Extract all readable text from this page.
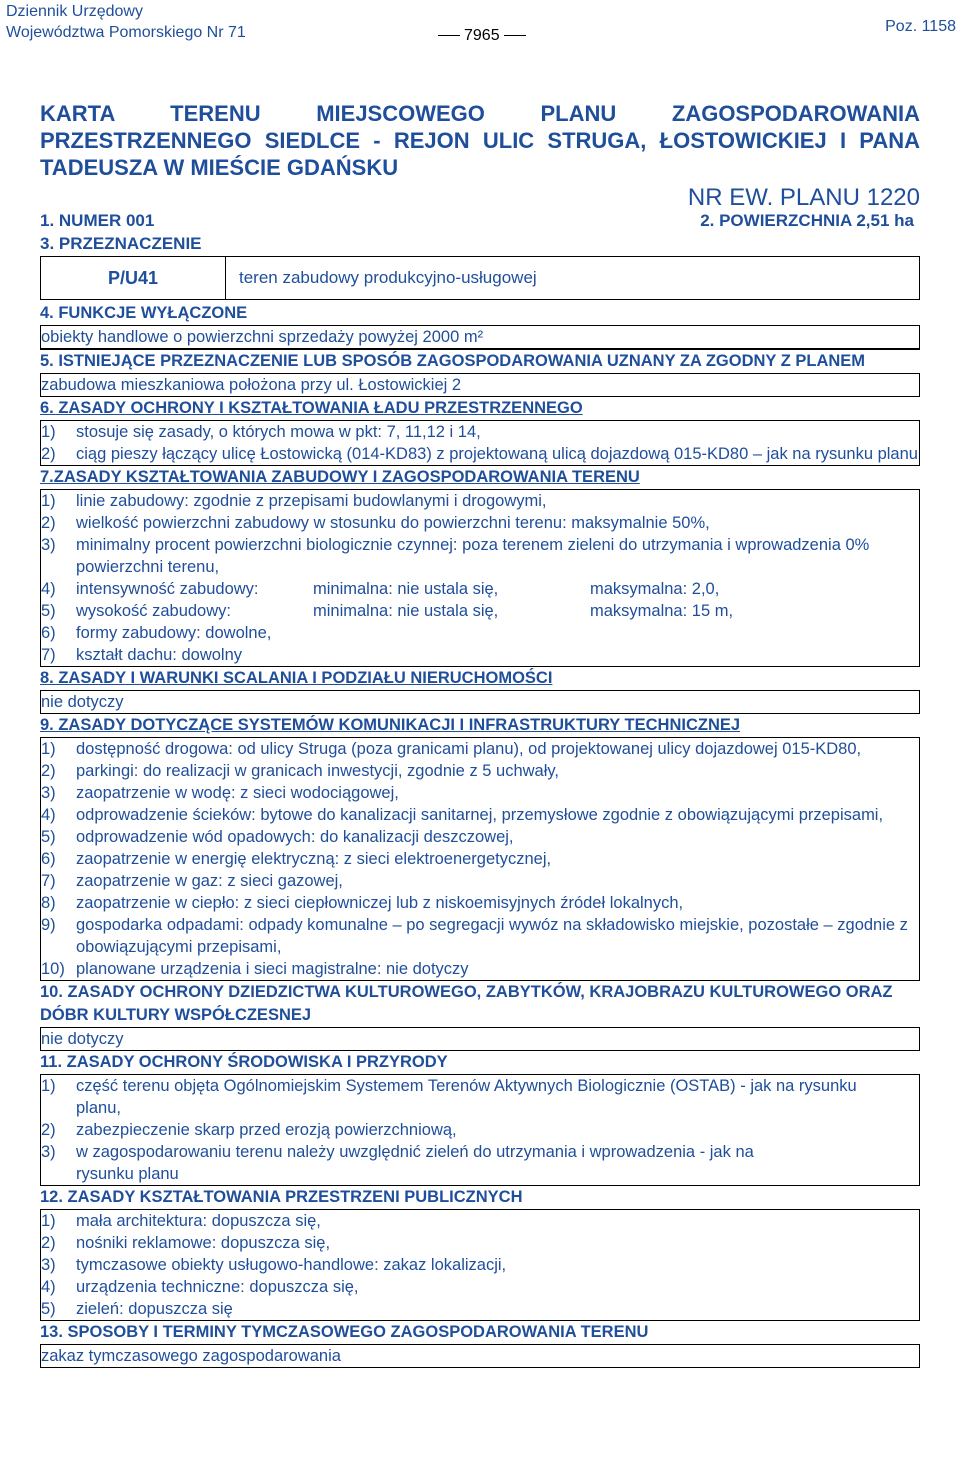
Dziennik Urzędowy
Województwa Pomorskiego Nr 71	7965
Poz. 1158
KARTA TERENU MIEJSCOWEGO PLANU ZAGOSPODAROWANIA PRZESTRZENNEGO SIEDLCE - REJON ULIC STRUGA, ŁOSTOWICKIEJ I PANA TADEUSZA W MIEŚCIE GDAŃSKU
NR EW. PLANU 1220
1. NUMER 001	2. POWIERZCHNIA 2,51 ha
3. PRZEZNACZENIE
P/U41	teren zabudowy produkcyjno-usługowej
4. FUNKCJE WYŁĄCZONE
obiekty handlowe o powierzchni sprzedaży powyżej 2000 m²
5. ISTNIEJĄCE PRZEZNACZENIE LUB SPOSÓB ZAGOSPODAROWANIA UZNANY ZA ZGODNY Z PLANEM
zabudowa mieszkaniowa położona przy ul. Łostowickiej 2
6. ZASADY OCHRONY I KSZTAŁTOWANIA ŁADU PRZESTRZENNEGO
1)	stosuje się zasady, o których mowa w pkt: 7, 11,12 i 14,
2)	ciąg pieszy łączący ulicę Łostowicką (014-KD83) z projektowaną ulicą dojazdową 015-KD80 – jak na rysunku planu
7.ZASADY KSZTAŁTOWANIA ZABUDOWY I ZAGOSPODAROWANIA TERENU
1)	linie zabudowy: zgodnie z przepisami budowlanymi i drogowymi,
2)	wielkość powierzchni zabudowy w stosunku do powierzchni terenu: maksymalnie 50%,
3)	minimalny procent powierzchni biologicznie czynnej: poza terenem zieleni do utrzymania i wprowadzenia 0% powierzchni terenu,
4)	intensywność zabudowy:	minimalna: nie ustala się,	maksymalna: 2,0,
5)	wysokość zabudowy:	minimalna: nie ustala się,	maksymalna: 15 m,
6)	formy zabudowy: dowolne,
7)	kształt dachu: dowolny
8. ZASADY I WARUNKI SCALANIA I PODZIAŁU NIERUCHOMOŚCI
nie dotyczy
9. ZASADY DOTYCZĄCE SYSTEMÓW KOMUNIKACJI I INFRASTRUKTURY TECHNICZNEJ
1)	dostępność drogowa: od ulicy Struga (poza granicami planu), od projektowanej ulicy dojazdowej 015-KD80,
2)	parkingi: do realizacji w granicach inwestycji, zgodnie z 5 uchwały,
3)	zaopatrzenie w wodę: z sieci wodociągowej,
4)	odprowadzenie ścieków: bytowe do kanalizacji sanitarnej, przemysłowe zgodnie z obowiązującymi przepisami,
5)	odprowadzenie wód opadowych: do kanalizacji deszczowej,
6)	zaopatrzenie w energię elektryczną: z sieci elektroenergetycznej,
7)	zaopatrzenie w gaz: z sieci gazowej,
8)	zaopatrzenie w ciepło: z sieci ciepłowniczej lub z niskoemisyjnych źródeł lokalnych,
9)	gospodarka odpadami: odpady komunalne – po segregacji wywóz na składowisko miejskie, pozostałe – zgodnie z obowiązującymi przepisami,
10) planowane urządzenia i sieci magistralne: nie dotyczy
10. ZASADY OCHRONY DZIEDZICTWA KULTUROWEGO, ZABYTKÓW, KRAJOBRAZU KULTUROWEGO ORAZ DÓBR KULTURY WSPÓŁCZESNEJ
nie dotyczy
11. ZASADY OCHRONY ŚRODOWISKA I PRZYRODY
1)	część terenu objęta Ogólnomiejskim Systemem Terenów Aktywnych Biologicznie (OSTAB) - jak na rysunku planu,
2)	zabezpieczenie skarp przed erozją powierzchniową,
3)	w zagospodarowaniu terenu należy uwzględnić zieleń do utrzymania i wprowadzenia - jak na rysunku planu
12. ZASADY KSZTAŁTOWANIA PRZESTRZENI PUBLICZNYCH
1)	mała architektura: dopuszcza się,
2)	nośniki reklamowe: dopuszcza się,
3)	tymczasowe obiekty usługowo-handlowe: zakaz lokalizacji,
4)	urządzenia techniczne: dopuszcza się,
5)	zieleń: dopuszcza się
13. SPOSOBY I TERMINY TYMCZASOWEGO ZAGOSPODAROWANIA TERENU
zakaz tymczasowego zagospodarowania
